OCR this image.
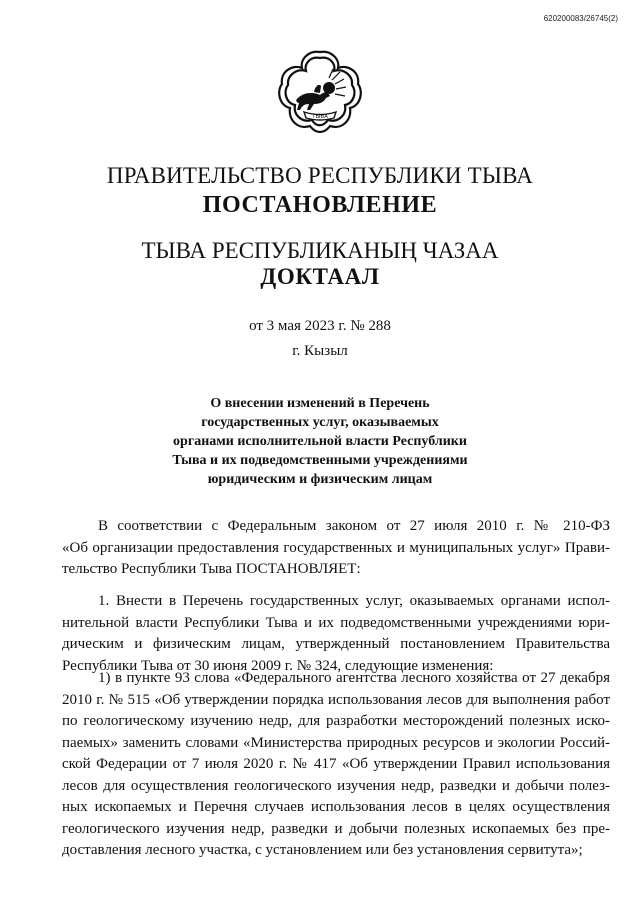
620200083/26745(2)
ТЫВА
ПРАВИТЕЛЬСТВО РЕСПУБЛИКИ ТЫВА
ПОСТАНОВЛЕНИЕ
ТЫВА РЕСПУБЛИКАНЫҢ ЧАЗАА
ДОКТААЛ
от 3 мая 2023 г. № 288
г. Кызыл
О внесении изменений в Перечень
государственных услуг, оказываемых
органами исполнительной власти Республики
Тыва и их подведомственными учреждениями
юридическим и физическим лицам
В соответствии с Федеральным законом от 27 июля 2010 г. № 210-ФЗ
«Об организации предоставления государственных и муниципальных услуг» Прави-
тельство Республики Тыва ПОСТАНОВЛЯЕТ:
1. Внести в Перечень государственных услуг, оказываемых органами испол-
нительной власти Республики Тыва и их подведомственными учреждениями юри-
дическим и физическим лицам, утвержденный постановлением Правительства
Республики Тыва от 30 июня 2009 г. № 324, следующие изменения:
1) в пункте 93 слова «Федерального агентства лесного хозяйства от 27 декабря
2010 г. № 515 «Об утверждении порядка использования лесов для выполнения работ
по геологическому изучению недр, для разработки месторождений полезных иско-
паемых» заменить словами «Министерства природных ресурсов и экологии Россий-
ской Федерации от 7 июля 2020 г. № 417 «Об утверждении Правил использования
лесов для осуществления геологического изучения недр, разведки и добычи полез-
ных ископаемых и Перечня случаев использования лесов в целях осуществления
геологического изучения недр, разведки и добычи полезных ископаемых без пре-
доставления лесного участка, с установлением или без установления сервитута»;
